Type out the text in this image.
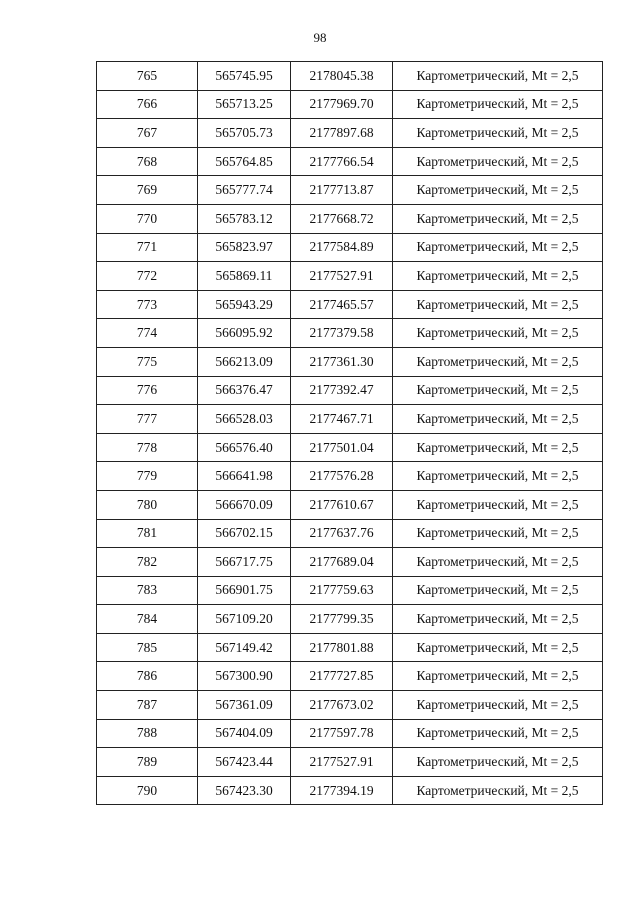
98
765	565745.95	2178045.38	Картометрический, Mt = 2,5
766	565713.25	2177969.70	Картометрический, Mt = 2,5
767	565705.73	2177897.68	Картометрический, Mt = 2,5
768	565764.85	2177766.54	Картометрический, Mt = 2,5
769	565777.74	2177713.87	Картометрический, Mt = 2,5
770	565783.12	2177668.72	Картометрический, Mt = 2,5
771	565823.97	2177584.89	Картометрический, Mt = 2,5
772	565869.11	2177527.91	Картометрический, Mt = 2,5
773	565943.29	2177465.57	Картометрический, Mt = 2,5
774	566095.92	2177379.58	Картометрический, Mt = 2,5
775	566213.09	2177361.30	Картометрический, Mt = 2,5
776	566376.47	2177392.47	Картометрический, Mt = 2,5
777	566528.03	2177467.71	Картометрический, Mt = 2,5
778	566576.40	2177501.04	Картометрический, Mt = 2,5
779	566641.98	2177576.28	Картометрический, Mt = 2,5
780	566670.09	2177610.67	Картометрический, Mt = 2,5
781	566702.15	2177637.76	Картометрический, Mt = 2,5
782	566717.75	2177689.04	Картометрический, Mt = 2,5
783	566901.75	2177759.63	Картометрический, Mt = 2,5
784	567109.20	2177799.35	Картометрический, Mt = 2,5
785	567149.42	2177801.88	Картометрический, Mt = 2,5
786	567300.90	2177727.85	Картометрический, Mt = 2,5
787	567361.09	2177673.02	Картометрический, Mt = 2,5
788	567404.09	2177597.78	Картометрический, Mt = 2,5
789	567423.44	2177527.91	Картометрический, Mt = 2,5
790	567423.30	2177394.19	Картометрический, Mt = 2,5
